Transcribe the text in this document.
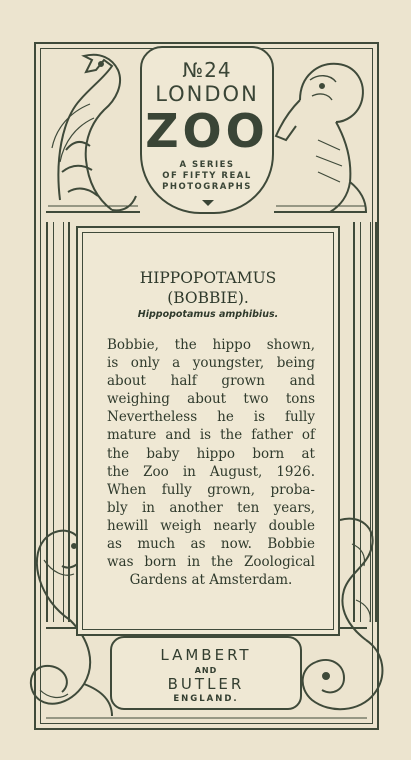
№24
LONDON
ZOO
A SERIES
OF FIFTY REAL
PHOTOGRAPHS
HIPPOPOTAMUS
(BOBBIE).
Hippopotamus amphibius.
Bobbie, the hippo shown,
is only a youngster, being
about half grown and
weighing about two tons
Nevertheless he is fully
mature and is the father of
the baby hippo born at
the Zoo in August, 1926.
When fully grown, proba-
bly in another ten years,
hewill weigh nearly double
as much as now. Bobbie
was born in the Zoological
Gardens at Amsterdam.
LAMBERT
AND
BUTLER
ENGLAND.
